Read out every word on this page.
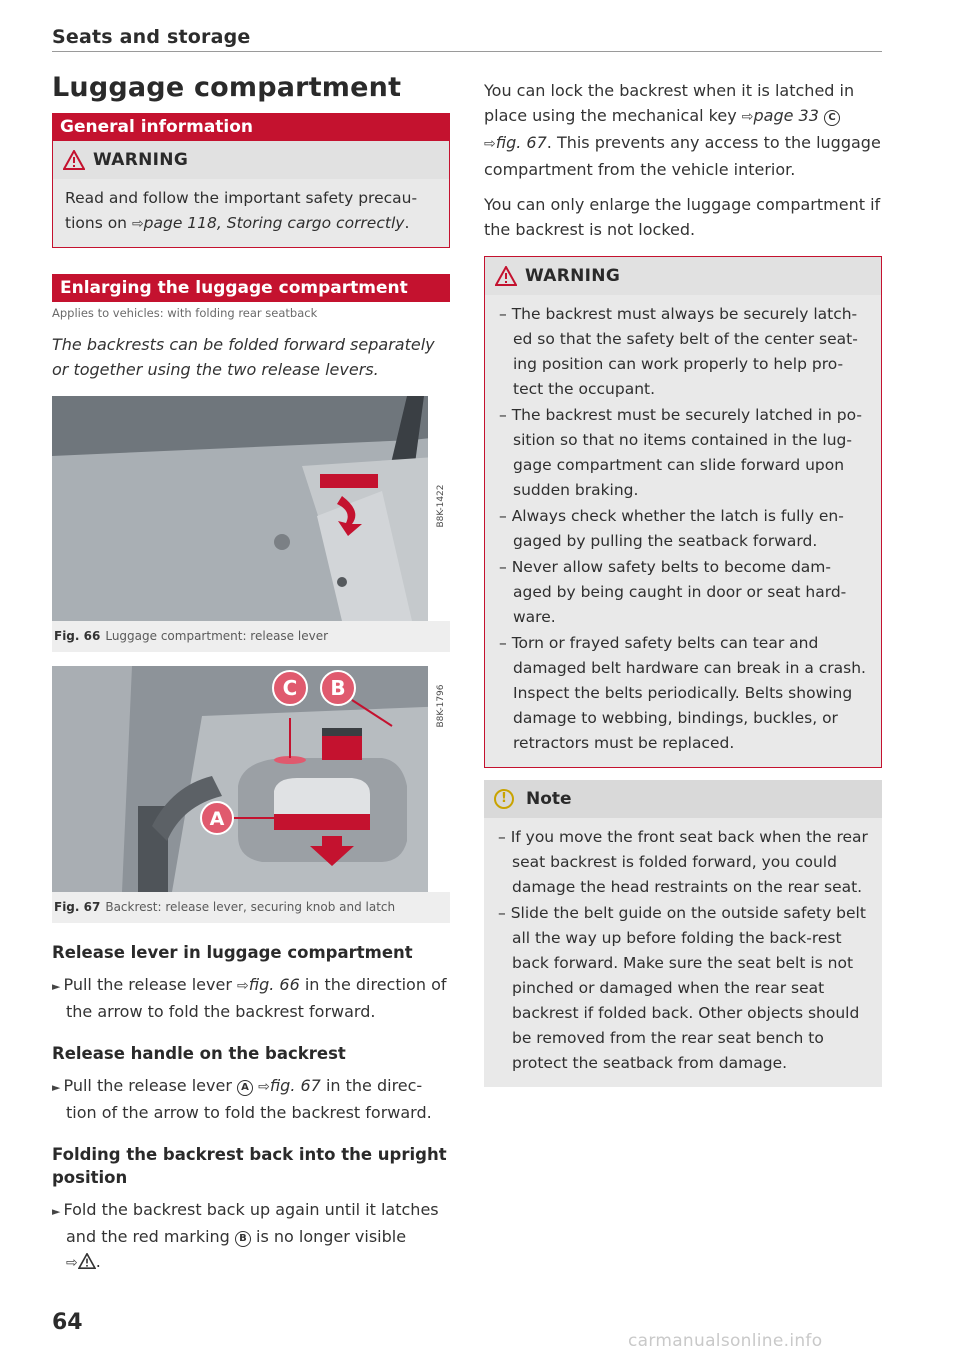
Seats and storage
Luggage compartment
General information
WARNING

Read and follow the important safety precau-tions on ⇨page 118, Storing cargo correctly.

Enlarging the luggage compartment
Applies to vehicles: with folding rear seatback
The backrests can be folded forward separately or together using the two release levers.
B8K-1422
Fig. 66 Luggage compartment: release lever
C B
A
B8K-1796
Fig. 67 Backrest: release lever, securing knob and latch
Release lever in luggage compartment
► Pull the release lever ⇨fig. 66 in the direction of the arrow to fold the backrest forward.
Release handle on the backrest
► Pull the release lever A ⇨fig. 67 in the direc-tion of the arrow to fold the backrest forward.
Folding the backrest back into the upright position
► Fold the backrest back up again until it latches and the red marking B is no longer visible
⇨ .
You can lock the backrest when it is latched in place using the mechanical key ⇨page 33 C
⇨fig. 67. This prevents any access to the luggage compartment from the vehicle interior.
You can only enlarge the luggage compartment if the backrest is not locked.
WARNING
– The backrest must always be securely latch-ed so that the safety belt of the center seat-ing position can work properly to help pro-tect the occupant.
– The backrest must be securely latched in po-sition so that no items contained in the lug-gage compartment can slide forward upon sudden braking.
– Always check whether the latch is fully en-gaged by pulling the seatback forward.
– Never allow safety belts to become dam-aged by being caught in door or seat hard-ware.
– Torn or frayed safety belts can tear and damaged belt hardware can break in a crash. Inspect the belts periodically. Belts showing damage to webbing, bindings, buckles, or retractors must be replaced.
!	Note
– If you move the front seat back when the rear seat backrest is folded forward, you could damage the head restraints on the rear seat.
– Slide the belt guide on the outside safety belt all the way up before folding the back-rest back forward. Make sure the seat belt is not pinched or damaged when the rear seat backrest if folded back. Other objects should be removed from the rear seat bench to protect the seatback from damage.
64
carmanualsonline.info
